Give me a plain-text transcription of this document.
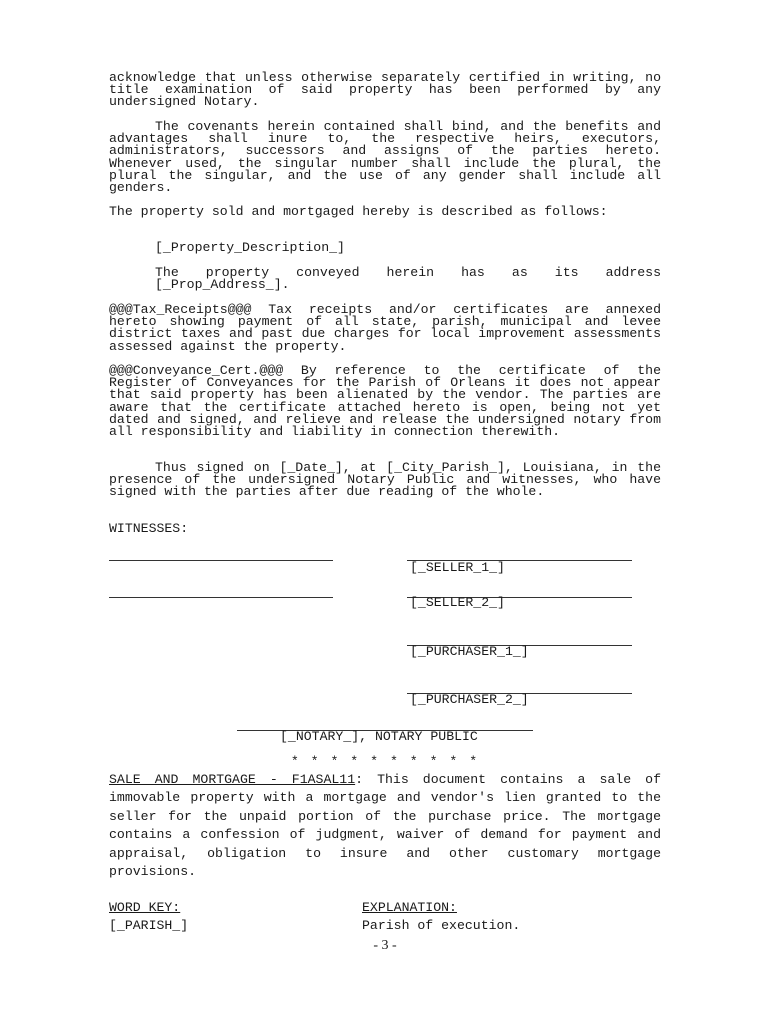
acknowledge that unless otherwise separately certified in writing, no title examination of said property has been performed by any undersigned Notary.
The covenants herein contained shall bind, and the benefits and advantages shall inure to, the respective heirs, executors, administrators, successors and assigns of the parties hereto. Whenever used, the singular number shall include the plural, the plural the singular, and the use of any gender shall include all genders.
The property sold and mortgaged hereby is described as follows:
[_Property_Description_]
The property conveyed herein has as its address
[_Prop_Address_].
@@@Tax_Receipts@@@ Tax receipts and/or certificates are annexed hereto showing payment of all state, parish, municipal and levee district taxes and past due charges for local improvement assessments assessed against the property.
@@@Conveyance_Cert.@@@ By reference to the certificate of the Register of Conveyances for the Parish of Orleans it does not appear that said property has been alienated by the vendor. The parties are aware that the certificate attached hereto is open, being not yet dated and signed, and relieve and release the undersigned notary from all responsibility and liability in connection therewith.
Thus signed on [_Date_], at [_City_Parish_], Louisiana, in the presence of the undersigned Notary Public and witnesses, who have signed with the parties after due reading of the whole.
WITNESSES:
[_SELLER_1_]
[_SELLER_2_]
[_PURCHASER_1_]
[_PURCHASER_2_]
[_NOTARY_], NOTARY PUBLIC
* * * * * * * * * *
SALE AND MORTGAGE - F1ASAL11: This document contains a sale of immovable property with a mortgage and vendor's lien granted to the seller for the unpaid portion of the purchase price. The mortgage contains a confession of judgment, waiver of demand for payment and appraisal, obligation to insure and other customary mortgage provisions.
WORD KEY:	EXPLANATION:
[_PARISH_]	Parish of execution.
- 3 -
